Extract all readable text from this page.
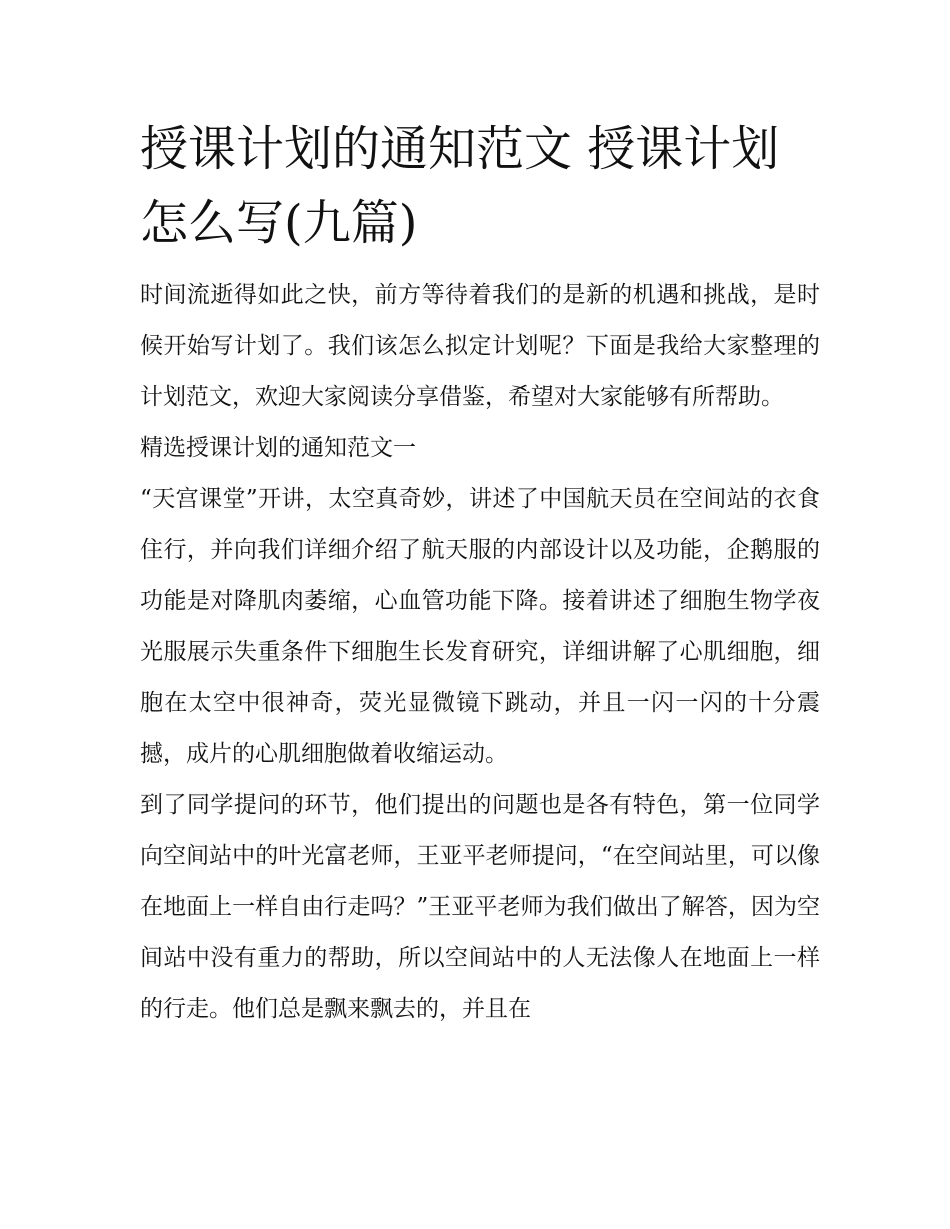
授课计划的通知范文 授课计划怎么写(九篇)

时间流逝得如此之快，前方等待着我们的是新的机遇和挑战，是时候开始写计划了。我们该怎么拟定计划呢？下面是我给大家整理的计划范文，欢迎大家阅读分享借鉴，希望对大家能够有所帮助。

精选授课计划的通知范文一

“天宫课堂”开讲，太空真奇妙，讲述了中国航天员在空间站的衣食住行，并向我们详细介绍了航天服的内部设计以及功能，企鹅服的功能是对降肌肉萎缩，心血管功能下降。接着讲述了细胞生物学夜光服展示失重条件下细胞生长发育研究，详细讲解了心肌细胞，细胞在太空中很神奇，荧光显微镜下跳动，并且一闪一闪的十分震撼，成片的心肌细胞做着收缩运动。

到了同学提问的环节，他们提出的问题也是各有特色，第一位同学向空间站中的叶光富老师，王亚平老师提问，“在空间站里，可以像在地面上一样自由行走吗？”王亚平老师为我们做出了解答，因为空间站中没有重力的帮助，所以空间站中的人无法像人在地面上一样的行走。他们总是飘来飘去的，并且在
